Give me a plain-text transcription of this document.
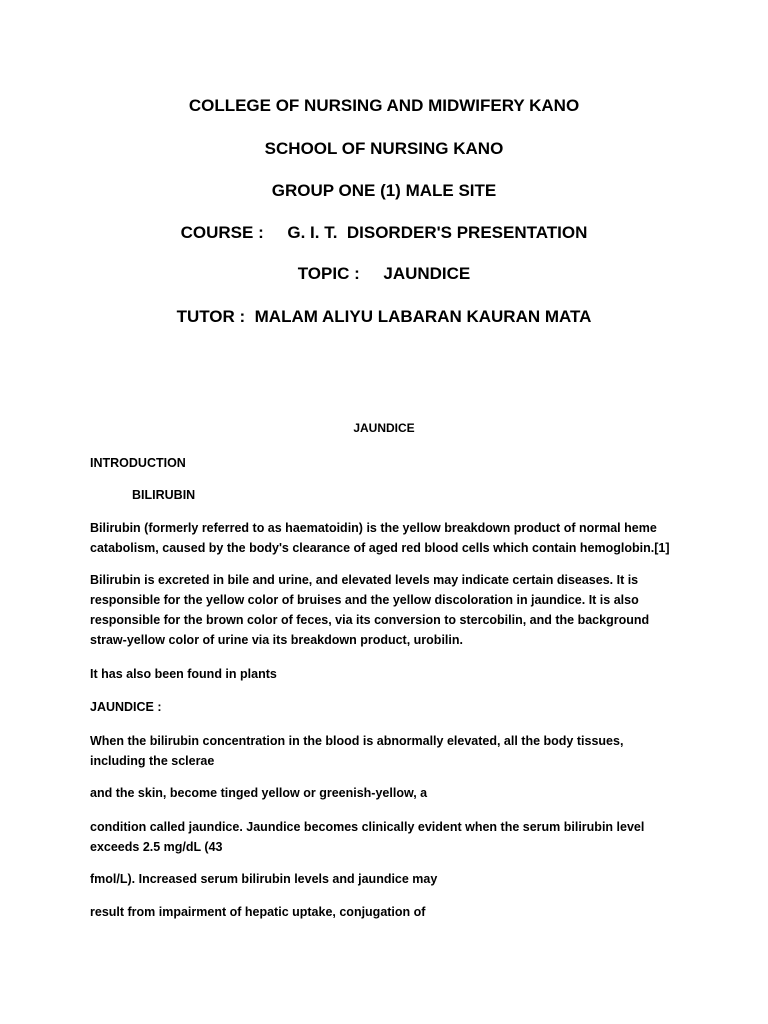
COLLEGE OF NURSING AND MIDWIFERY KANO
SCHOOL OF NURSING KANO
GROUP ONE (1) MALE SITE
COURSE :     G. I. T.  DISORDER'S PRESENTATION
TOPIC :     JAUNDICE
TUTOR :  MALAM ALIYU LABARAN KAURAN MATA
JAUNDICE
INTRODUCTION
BILIRUBIN
Bilirubin (formerly referred to as haematoidin) is the yellow breakdown product of normal heme catabolism, caused by the body's clearance of aged red blood cells which contain hemoglobin.[1]
Bilirubin is excreted in bile and urine, and elevated levels may indicate certain diseases. It is responsible for the yellow color of bruises and the yellow discoloration in jaundice. It is also responsible for the brown color of feces, via its conversion to stercobilin, and the background straw-yellow color of urine via its breakdown product, urobilin.
It has also been found in plants
JAUNDICE :
When the bilirubin concentration in the blood is abnormally elevated, all the body tissues, including the sclerae
and the skin, become tinged yellow or greenish-yellow, a
condition called jaundice. Jaundice becomes clinically evident when the serum bilirubin level exceeds 2.5 mg/dL (43
fmol/L). Increased serum bilirubin levels and jaundice may
result from impairment of hepatic uptake, conjugation of
